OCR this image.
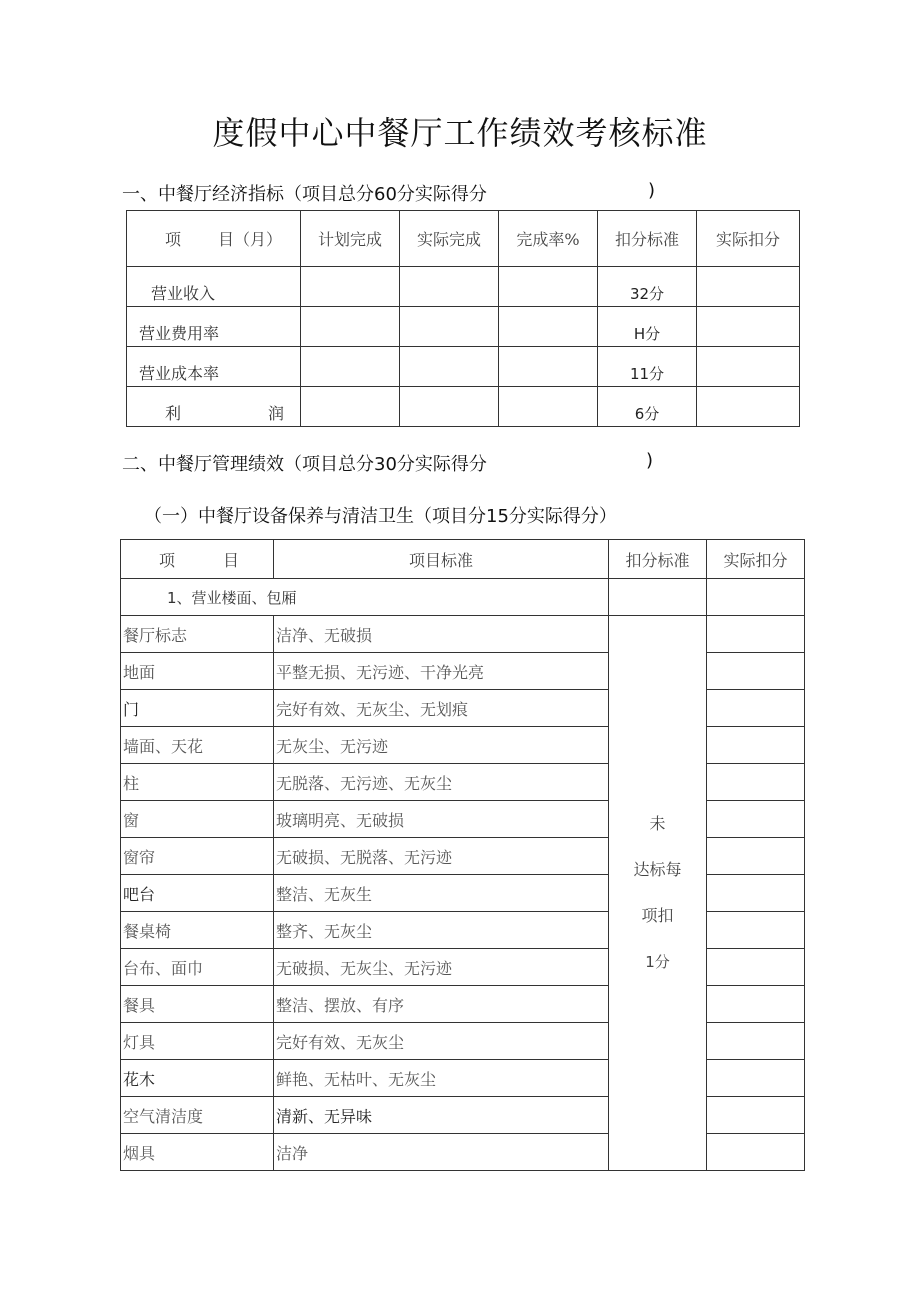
度假中心中餐厅工作绩效考核标准
一、中餐厅经济指标（项目总分60分实际得分	)
项 目（月）	计划完成	实际完成	完成率%	扣分标准	实际扣分
营业收入				32分	
营业费用率				H分	
营业成本率				11分	

利 润				6分	
二、中餐厅管理绩效（项目总分30分实际得分	)
（一）中餐厅设备保养与清洁卫生（项目分15分实际得分）
项 目	项目标准	扣分标准	实际扣分
1、营业楼面、包厢			
餐厅标志	洁净、无破损	未
达标每
项扣
1分	

地面	平整无损、无污迹、干净光亮		
门	完好有效、无灰尘、无划痕		
墙面、天花	无灰尘、无污迹		
柱	无脱落、无污迹、无灰尘		
窗	玻璃明亮、无破损		
窗帘	无破损、无脱落、无污迹		
吧台	整洁、无灰生		
餐桌椅	整齐、无灰尘		
台布、面巾	无破损、无灰尘、无污迹		
餐具	整洁、摆放、有序		
灯具	完好有效、无灰尘		
花木	鲜艳、无枯叶、无灰尘		
空气清洁度	清新、无异味		
烟具	洁净		
